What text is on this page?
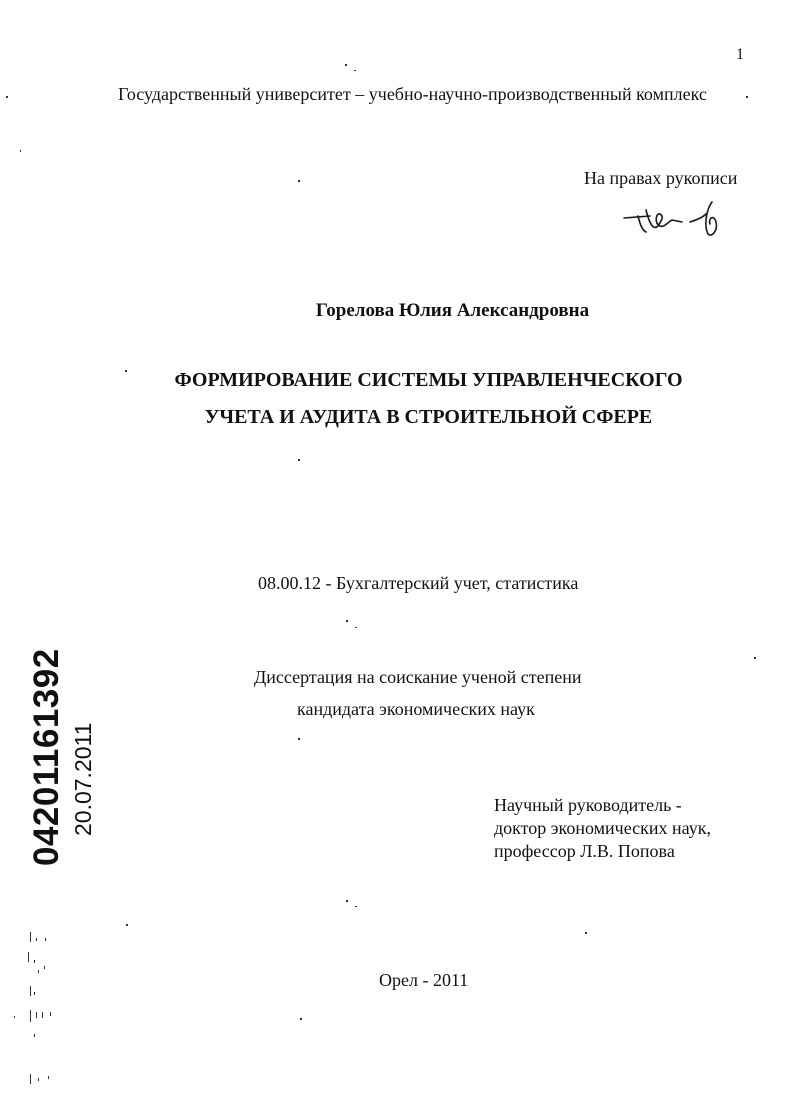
1
Государственный университет – учебно-научно-производственный комплекс
На правах рукописи
Горелова Юлия Александровна
ФОРМИРОВАНИЕ СИСТЕМЫ УПРАВЛЕНЧЕСКОГО
УЧЕТА И АУДИТА В СТРОИТЕЛЬНОЙ СФЕРЕ
08.00.12 - Бухгалтерский учет, статистика
Диссертация на соискание ученой степени
кандидата экономических наук
Научный руководитель -
доктор экономических наук,
профессор Л.В. Попова
Орел - 2011
04201161392 20.07.2011
